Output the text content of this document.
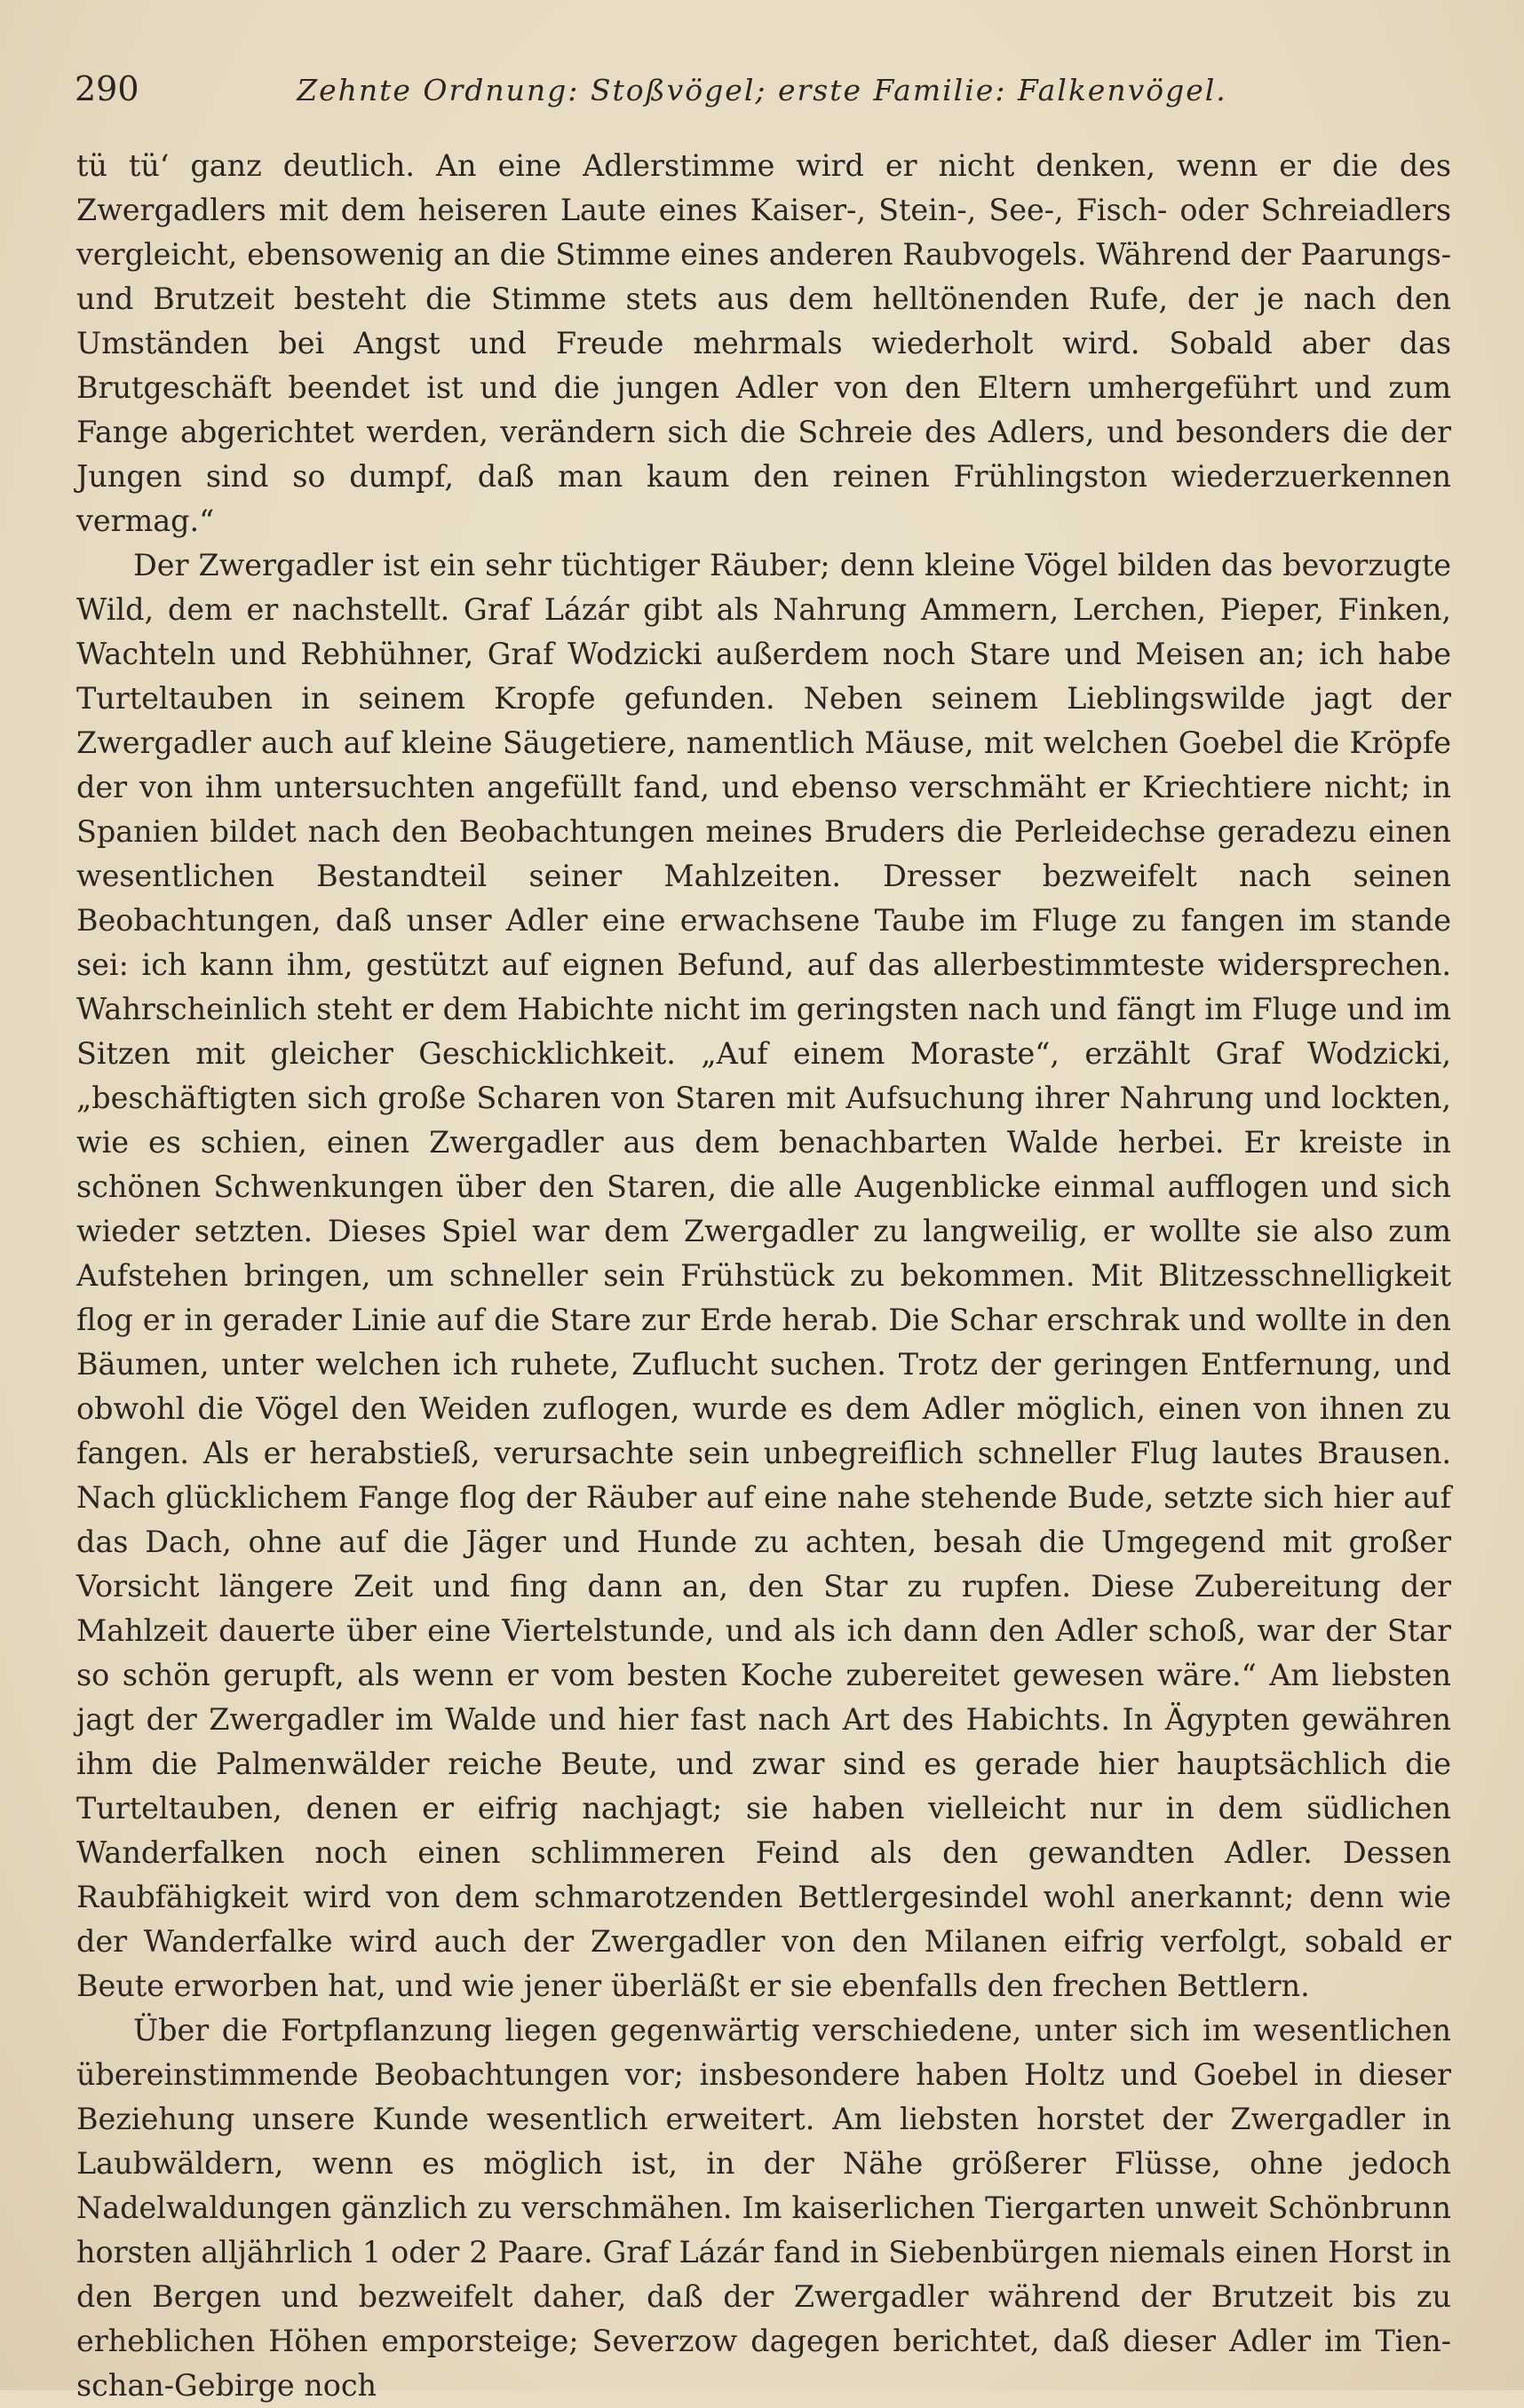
290	Zehnte Ordnung: Stoßvögel; erste Familie: Falkenvögel.

tü tü‘ ganz deutlich. An eine Adlerstimme wird er nicht denken, wenn er die des Zwergadlers mit dem heiseren Laute eines Kaiser-, Stein-, See-, Fisch- oder Schreiadlers vergleicht, ebensowenig an die Stimme eines anderen Raubvogels. Während der Paarungs- und Brutzeit besteht die Stimme stets aus dem helltönenden Rufe, der je nach den Umständen bei Angst und Freude mehrmals wiederholt wird. Sobald aber das Brutgeschäft beendet ist und die jungen Adler von den Eltern umhergeführt und zum Fange abgerichtet werden, verändern sich die Schreie des Adlers, und besonders die der Jungen sind so dumpf, daß man kaum den reinen Frühlingston wiederzuerkennen vermag.“

Der Zwergadler ist ein sehr tüchtiger Räuber; denn kleine Vögel bilden das bevorzugte Wild, dem er nachstellt. Graf Lázár gibt als Nahrung Ammern, Lerchen, Pieper, Finken, Wachteln und Rebhühner, Graf Wodzicki außerdem noch Stare und Meisen an; ich habe Turteltauben in seinem Kropfe gefunden. Neben seinem Lieblingswilde jagt der Zwergadler auch auf kleine Säugetiere, namentlich Mäuse, mit welchen Goebel die Kröpfe der von ihm untersuchten angefüllt fand, und ebenso verschmäht er Kriechtiere nicht; in Spanien bildet nach den Beobachtungen meines Bruders die Perleidechse geradezu einen wesentlichen Bestandteil seiner Mahlzeiten. Dresser bezweifelt nach seinen Beobachtungen, daß unser Adler eine erwachsene Taube im Fluge zu fangen im stande sei: ich kann ihm, gestützt auf eignen Befund, auf das allerbestimmteste widersprechen. Wahrscheinlich steht er dem Habichte nicht im geringsten nach und fängt im Fluge und im Sitzen mit gleicher Geschicklichkeit. „Auf einem Moraste“, erzählt Graf Wodzicki, „beschäftigten sich große Scharen von Staren mit Aufsuchung ihrer Nahrung und lockten, wie es schien, einen Zwergadler aus dem benachbarten Walde herbei. Er kreiste in schönen Schwenkungen über den Staren, die alle Augenblicke einmal aufflogen und sich wieder setzten. Dieses Spiel war dem Zwergadler zu langweilig, er wollte sie also zum Aufstehen bringen, um schneller sein Frühstück zu bekommen. Mit Blitzesschnelligkeit flog er in gerader Linie auf die Stare zur Erde herab. Die Schar erschrak und wollte in den Bäumen, unter welchen ich ruhete, Zuflucht suchen. Trotz der geringen Entfernung, und obwohl die Vögel den Weiden zuflogen, wurde es dem Adler möglich, einen von ihnen zu fangen. Als er herabstieß, verursachte sein unbegreiflich schneller Flug lautes Brausen. Nach glücklichem Fange flog der Räuber auf eine nahe stehende Bude, setzte sich hier auf das Dach, ohne auf die Jäger und Hunde zu achten, besah die Umgegend mit großer Vorsicht längere Zeit und fing dann an, den Star zu rupfen. Diese Zubereitung der Mahlzeit dauerte über eine Viertelstunde, und als ich dann den Adler schoß, war der Star so schön gerupft, als wenn er vom besten Koche zubereitet gewesen wäre.“ Am liebsten jagt der Zwergadler im Walde und hier fast nach Art des Habichts. In Ägypten gewähren ihm die Palmenwälder reiche Beute, und zwar sind es gerade hier hauptsächlich die Turteltauben, denen er eifrig nachjagt; sie haben vielleicht nur in dem südlichen Wanderfalken noch einen schlimmeren Feind als den gewandten Adler. Dessen Raubfähigkeit wird von dem schmarotzenden Bettlergesindel wohl anerkannt; denn wie der Wanderfalke wird auch der Zwergadler von den Milanen eifrig verfolgt, sobald er Beute erworben hat, und wie jener überläßt er sie ebenfalls den frechen Bettlern.

Über die Fortpflanzung liegen gegenwärtig verschiedene, unter sich im wesentlichen übereinstimmende Beobachtungen vor; insbesondere haben Holtz und Goebel in dieser Beziehung unsere Kunde wesentlich erweitert. Am liebsten horstet der Zwergadler in Laubwäldern, wenn es möglich ist, in der Nähe größerer Flüsse, ohne jedoch Nadelwaldungen gänzlich zu verschmähen. Im kaiserlichen Tiergarten unweit Schönbrunn horsten alljährlich 1 oder 2 Paare. Graf Lázár fand in Siebenbürgen niemals einen Horst in den Bergen und bezweifelt daher, daß der Zwergadler während der Brutzeit bis zu erheblichen Höhen emporsteige; Severzow dagegen berichtet, daß dieser Adler im Tien-schan-Gebirge noch
